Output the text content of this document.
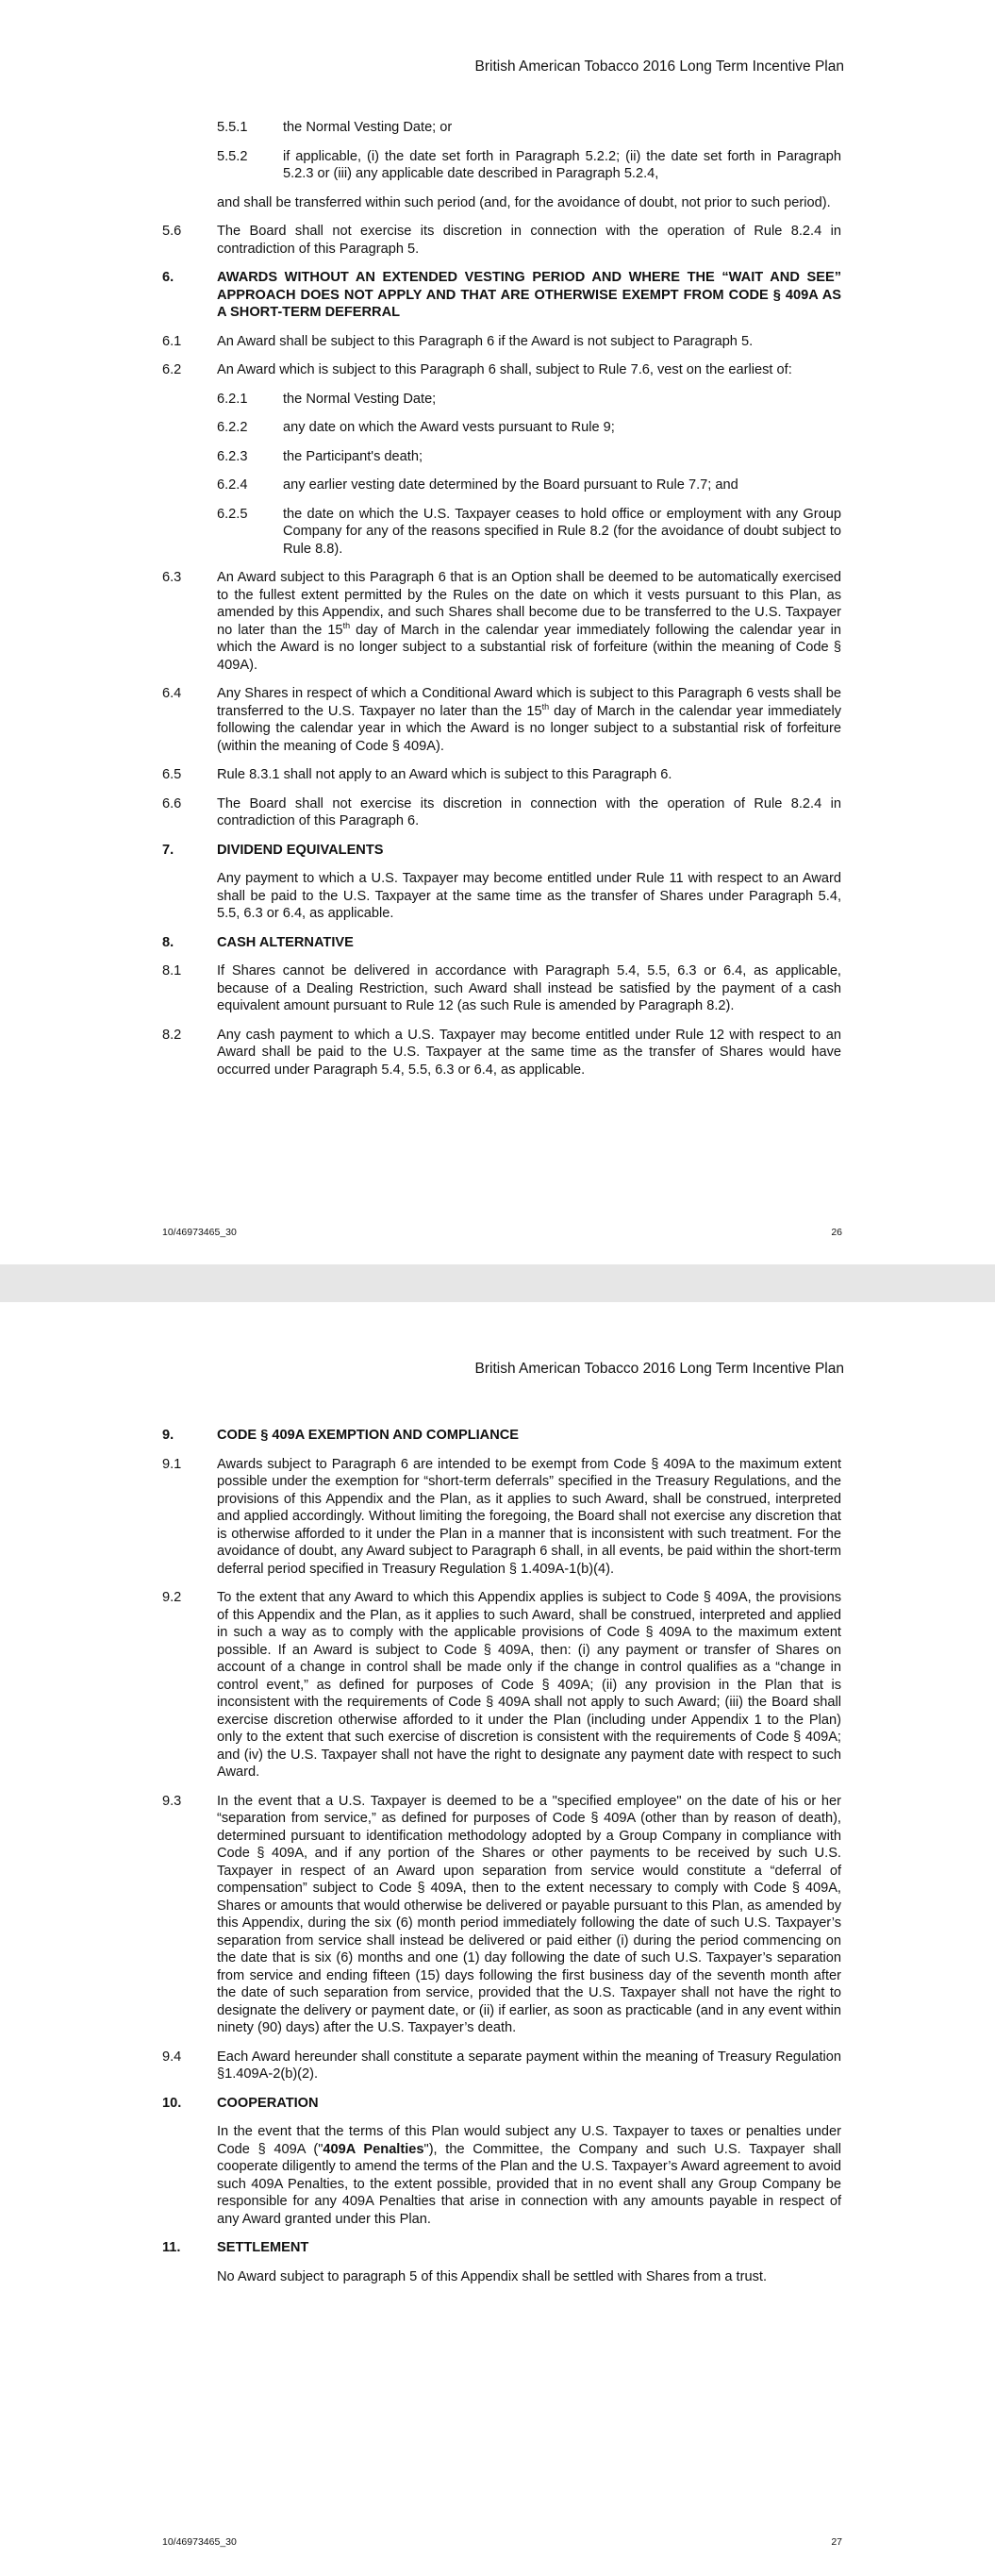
British American Tobacco 2016 Long Term Incentive Plan
5.5.1	the Normal Vesting Date; or
5.5.2	if applicable, (i) the date set forth in Paragraph 5.2.2; (ii) the date set forth in Paragraph 5.2.3 or (iii) any applicable date described in Paragraph 5.2.4,
and shall be transferred within such period (and, for the avoidance of doubt, not prior to such period).
5.6	The Board shall not exercise its discretion in connection with the operation of Rule 8.2.4 in contradiction of this Paragraph 5.
6.	AWARDS WITHOUT AN EXTENDED VESTING PERIOD AND WHERE THE “WAIT AND SEE” APPROACH DOES NOT APPLY AND THAT ARE OTHERWISE EXEMPT FROM CODE § 409A AS A SHORT-TERM DEFERRAL
6.1	An Award shall be subject to this Paragraph 6 if the Award is not subject to Paragraph 5.
6.2	An Award which is subject to this Paragraph 6 shall, subject to Rule 7.6, vest on the earliest of:
6.2.1	the Normal Vesting Date;
6.2.2	any date on which the Award vests pursuant to Rule 9;
6.2.3	the Participant's death;
6.2.4	any earlier vesting date determined by the Board pursuant to Rule 7.7; and
6.2.5	the date on which the U.S. Taxpayer ceases to hold office or employment with any Group Company for any of the reasons specified in Rule 8.2 (for the avoidance of doubt subject to Rule 8.8).
6.3	An Award subject to this Paragraph 6 that is an Option shall be deemed to be automatically exercised to the fullest extent permitted by the Rules on the date on which it vests pursuant to this Plan, as amended by this Appendix, and such Shares shall become due to be transferred to the U.S. Taxpayer no later than the 15th day of March in the calendar year immediately following the calendar year in which the Award is no longer subject to a substantial risk of forfeiture (within the meaning of Code § 409A).
6.4	Any Shares in respect of which a Conditional Award which is subject to this Paragraph 6 vests shall be transferred to the U.S. Taxpayer no later than the 15th day of March in the calendar year immediately following the calendar year in which the Award is no longer subject to a substantial risk of forfeiture (within the meaning of Code § 409A).
6.5	Rule 8.3.1 shall not apply to an Award which is subject to this Paragraph 6.
6.6	The Board shall not exercise its discretion in connection with the operation of Rule 8.2.4 in contradiction of this Paragraph 6.
7.	DIVIDEND EQUIVALENTS
Any payment to which a U.S. Taxpayer may become entitled under Rule 11 with respect to an Award shall be paid to the U.S. Taxpayer at the same time as the transfer of Shares under Paragraph 5.4, 5.5, 6.3 or 6.4, as applicable.
8.	CASH ALTERNATIVE
8.1	If Shares cannot be delivered in accordance with Paragraph 5.4, 5.5, 6.3 or 6.4, as applicable, because of a Dealing Restriction, such Award shall instead be satisfied by the payment of a cash equivalent amount pursuant to Rule 12 (as such Rule is amended by Paragraph 8.2).
8.2	Any cash payment to which a U.S. Taxpayer may become entitled under Rule 12 with respect to an Award shall be paid to the U.S. Taxpayer at the same time as the transfer of Shares would have occurred under Paragraph 5.4, 5.5, 6.3 or 6.4, as applicable.
10/46973465_30	26
British American Tobacco 2016 Long Term Incentive Plan
9.	CODE § 409A EXEMPTION AND COMPLIANCE
9.1	Awards subject to Paragraph 6 are intended to be exempt from Code § 409A to the maximum extent possible under the exemption for “short-term deferrals” specified in the Treasury Regulations, and the provisions of this Appendix and the Plan, as it applies to such Award, shall be construed, interpreted and applied accordingly. Without limiting the foregoing, the Board shall not exercise any discretion that is otherwise afforded to it under the Plan in a manner that is inconsistent with such treatment. For the avoidance of doubt, any Award subject to Paragraph 6 shall, in all events, be paid within the short-term deferral period specified in Treasury Regulation § 1.409A-1(b)(4).
9.2	To the extent that any Award to which this Appendix applies is subject to Code § 409A, the provisions of this Appendix and the Plan, as it applies to such Award, shall be construed, interpreted and applied in such a way as to comply with the applicable provisions of Code § 409A to the maximum extent possible. If an Award is subject to Code § 409A, then: (i) any payment or transfer of Shares on account of a change in control shall be made only if the change in control qualifies as a “change in control event,” as defined for purposes of Code § 409A; (ii) any provision in the Plan that is inconsistent with the requirements of Code § 409A shall not apply to such Award; (iii) the Board shall exercise discretion otherwise afforded to it under the Plan (including under Appendix 1 to the Plan) only to the extent that such exercise of discretion is consistent with the requirements of Code § 409A; and (iv) the U.S. Taxpayer shall not have the right to designate any payment date with respect to such Award.
9.3	In the event that a U.S. Taxpayer is deemed to be a "specified employee" on the date of his or her “separation from service,” as defined for purposes of Code § 409A (other than by reason of death), determined pursuant to identification methodology adopted by a Group Company in compliance with Code § 409A, and if any portion of the Shares or other payments to be received by such U.S. Taxpayer in respect of an Award upon separation from service would constitute a “deferral of compensation” subject to Code § 409A, then to the extent necessary to comply with Code § 409A, Shares or amounts that would otherwise be delivered or payable pursuant to this Plan, as amended by this Appendix, during the six (6) month period immediately following the date of such U.S. Taxpayer’s separation from service shall instead be delivered or paid either (i) during the period commencing on the date that is six (6) months and one (1) day following the date of such U.S. Taxpayer’s separation from service and ending fifteen (15) days following the first business day of the seventh month after the date of such separation from service, provided that the U.S. Taxpayer shall not have the right to designate the delivery or payment date, or (ii) if earlier, as soon as practicable (and in any event within ninety (90) days) after the U.S. Taxpayer’s death.
9.4	Each Award hereunder shall constitute a separate payment within the meaning of Treasury Regulation §1.409A-2(b)(2).
10.	COOPERATION
In the event that the terms of this Plan would subject any U.S. Taxpayer to taxes or penalties under Code § 409A ("409A Penalties"), the Committee, the Company and such U.S. Taxpayer shall cooperate diligently to amend the terms of the Plan and the U.S. Taxpayer’s Award agreement to avoid such 409A Penalties, to the extent possible, provided that in no event shall any Group Company be responsible for any 409A Penalties that arise in connection with any amounts payable in respect of any Award granted under this Plan.
11.	SETTLEMENT
No Award subject to paragraph 5 of this Appendix shall be settled with Shares from a trust.
10/46973465_30	27
